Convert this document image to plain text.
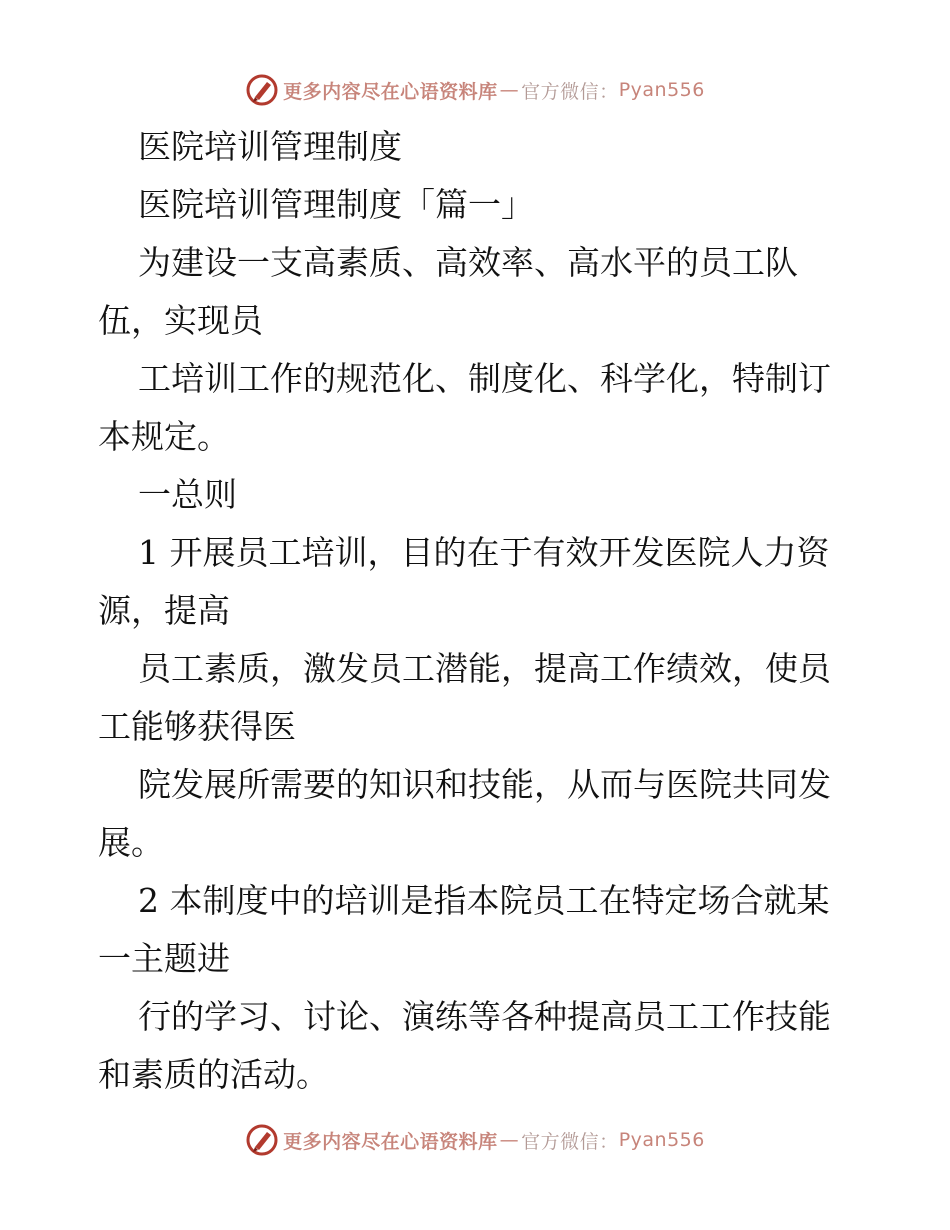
更多内容尽在心语资料库 — 官方微信： Pyan556
医院培训管理制度
医院培训管理制度「篇一」
为建设一支高素质、高效率、高水平的员工队
伍，实现员
工培训工作的规范化、制度化、科学化，特制订
本规定。
一总则
1 开展员工培训，目的在于有效开发医院人力资
源，提高
员工素质，激发员工潜能，提高工作绩效，使员
工能够获得医
院发展所需要的知识和技能，从而与医院共同发
展。
2 本制度中的培训是指本院员工在特定场合就某
一主题进
行的学习、讨论、演练等各种提高员工工作技能
和素质的活动。
更多内容尽在心语资料库 — 官方微信： Pyan556
